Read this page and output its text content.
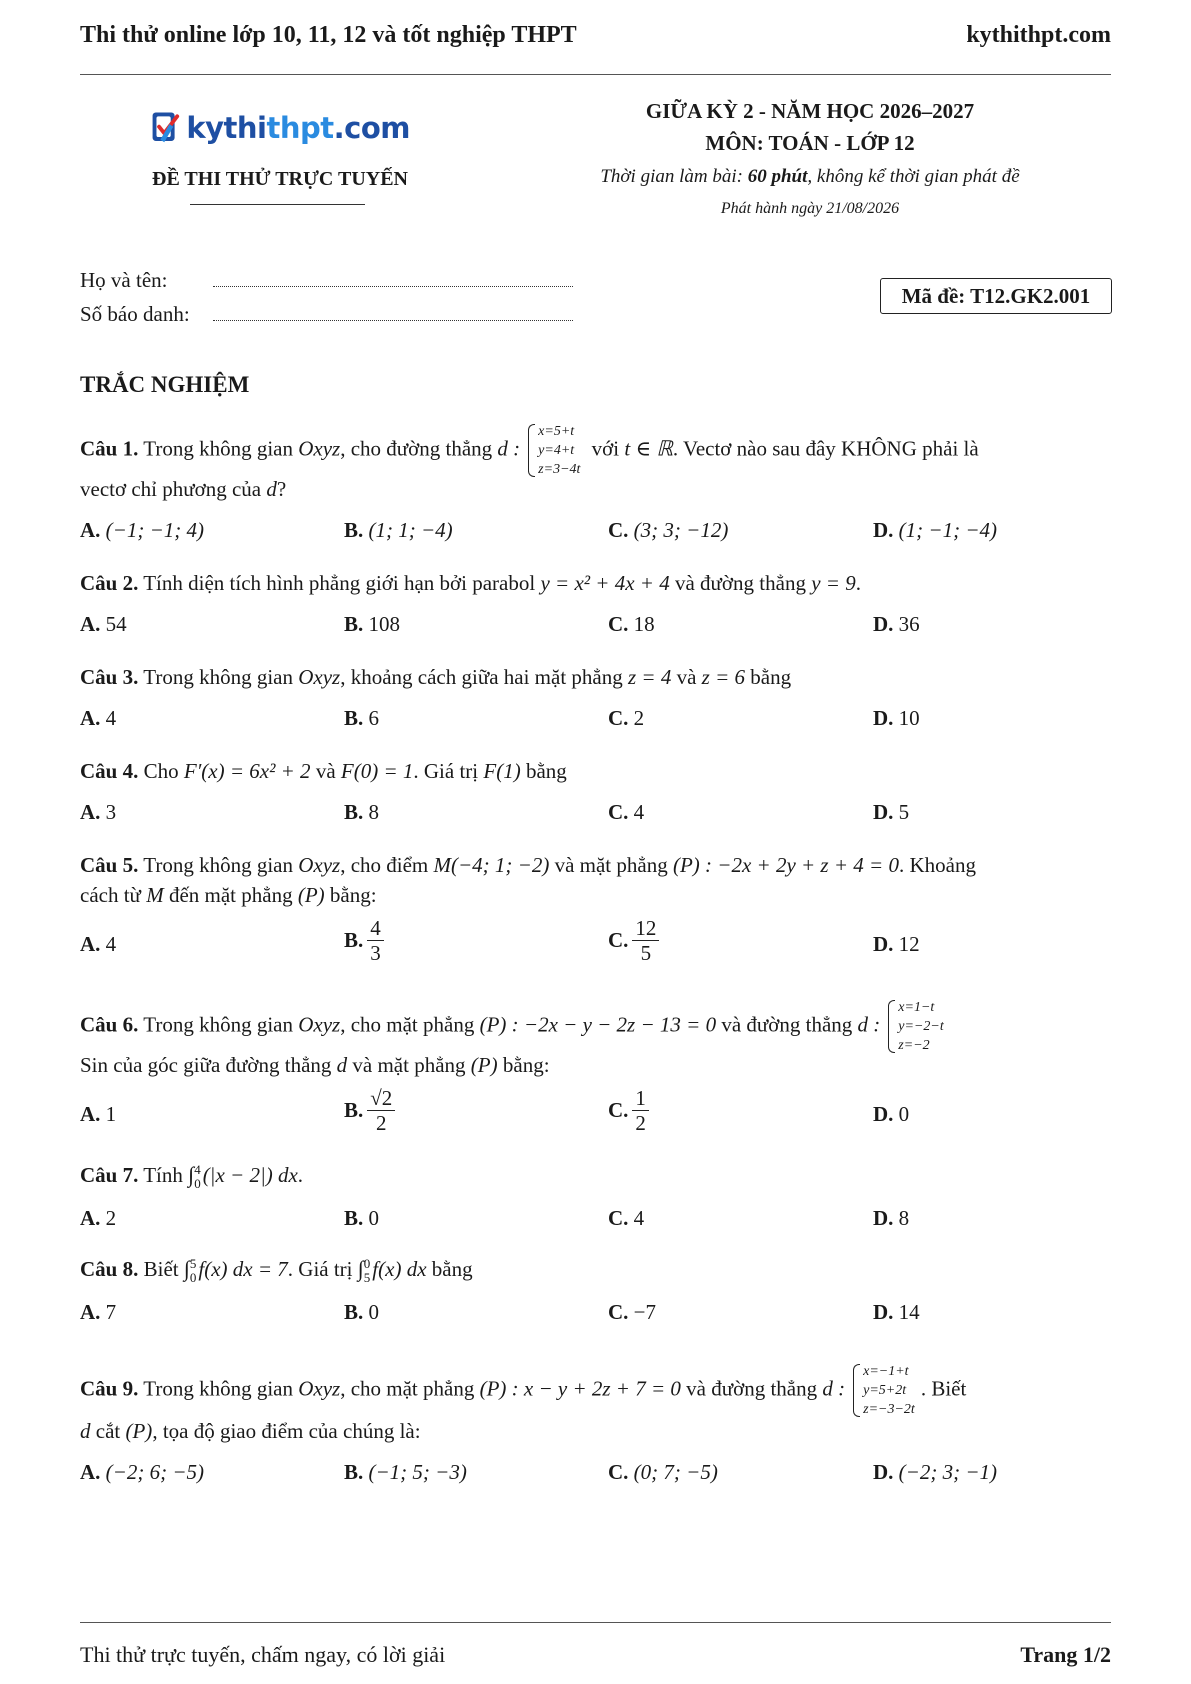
Thi thử online lớp 10, 11, 12 và tốt nghiệp THPT	kythithpt.com
kythithpt.com
ĐỀ THI THỬ TRỰC TUYẾN
GIỮA KỲ 2 - NĂM HỌC 2026–2027
MÔN: TOÁN - LỚP 12
Thời gian làm bài: 60 phút, không kể thời gian phát đề
Phát hành ngày 21/08/2026
Họ và tên:
Số báo danh:
Mã đề: T12.GK2.001
TRẮC NGHIỆM
Câu 1. Trong không gian Oxyz, cho đường thẳng d :
x=5+t
y=4+t
z=3−4t
với t ∈ ℝ. Vectơ nào sau đây KHÔNG phải là
vectơ chỉ phương của d?
A. (−1; −1; 4)	B. (1; 1; −4)	C. (3; 3; −12)	D. (1; −1; −4)
Câu 2. Tính diện tích hình phẳng giới hạn bởi parabol y = x² + 4x + 4 và đường thẳng y = 9.
A. 54	B. 108	C. 18	D. 36
Câu 3. Trong không gian Oxyz, khoảng cách giữa hai mặt phẳng z = 4 và z = 6 bằng
A. 4	B. 6	C. 2	D. 10
Câu 4. Cho F′(x) = 6x² + 2 và F(0) = 1. Giá trị F(1) bằng
A. 3	B. 8	C. 4	D. 5
Câu 5. Trong không gian Oxyz, cho điểm M(−4; 1; −2) và mặt phẳng (P) : −2x + 2y + z + 4 = 0. Khoảng
cách từ M đến mặt phẳng (P) bằng:
A. 4	B. $\frac{4}{3}$	C. $\frac{12}{5}$	D. 12
Câu 6. Trong không gian Oxyz, cho mặt phẳng (P) : −2x − y − 2z − 13 = 0 và đường thẳng d :
x=1−t
y=−2−t
z=−2
Sin của góc giữa đường thẳng d và mặt phẳng (P) bằng:
A. 1	B. $\frac{√2}{2}$	C. $\frac{1}{2}$	D. 0
Câu 7. Tính ∫ 4
0 (|x − 2|) dx.
A. 2	B. 0	C. 4	D. 8
Câu 8. Biết ∫ 5
0 f(x) dx = 7. Giá trị ∫ 0
5 f(x) dx bằng
A. 7	B. 0	C. −7	D. 14
Câu 9. Trong không gian Oxyz, cho mặt phẳng (P) : x − y + 2z + 7 = 0 và đường thẳng d :
x=−1+t
y=5+2t
z=−3−2t
. Biết
d cắt (P), tọa độ giao điểm của chúng là:
A. (−2; 6; −5)	B. (−1; 5; −3)	C. (0; 7; −5)	D. (−2; 3; −1)
Thi thử trực tuyến, chấm ngay, có lời giải	Trang 1/2
